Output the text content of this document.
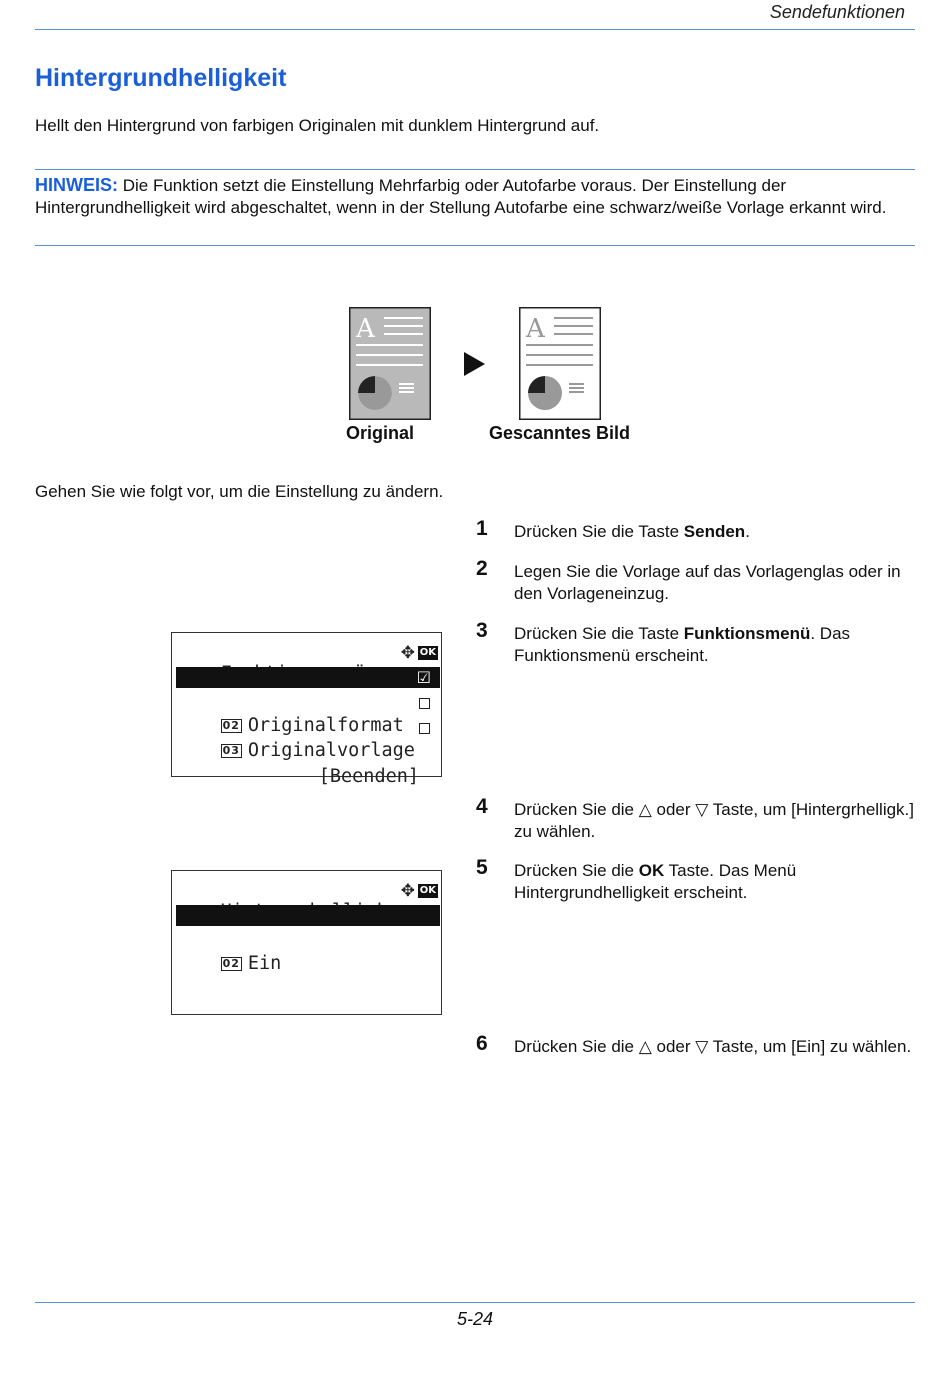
Sendefunktionen
Hintergrundhelligkeit
Hellt den Hintergrund von farbigen Originalen mit dunklem Hintergrund auf.
HINWEIS: Die Funktion setzt die Einstellung Mehrfarbig oder Autofarbe voraus. Der Einstellung der Hintergrundhelligkeit wird abgeschaltet, wenn in der Stellung Autofarbe eine schwarz/weiße Vorlage erkannt wird.
A	A
Original	Gescanntes Bild
Gehen Sie wie folgt vor, um die Einstellung zu ändern.
1 Drücken Sie die Taste Senden.
2 Legen Sie die Vorlage auf das Vorlagenglas oder in den Vorlageneinzug.
3 Drücken Sie die Taste Funktionsmenü. Das Funktionsmenü erscheint.
4 Drücken Sie die △ oder ▽ Taste, um [Hintergrhelligk.] zu wählen.
5 Drücken Sie die OK Taste. Das Menü Hintergrundhelligkeit erscheint.
6 Drücken Sie die △ oder ▽ Taste, um [Ein] zu wählen.

✥

OK

01 Farbauswahl

☑

02 Originalformat

03 Originalvorlage

[Beenden]

✥

OK

01 *Aus

02 Ein

5-24
